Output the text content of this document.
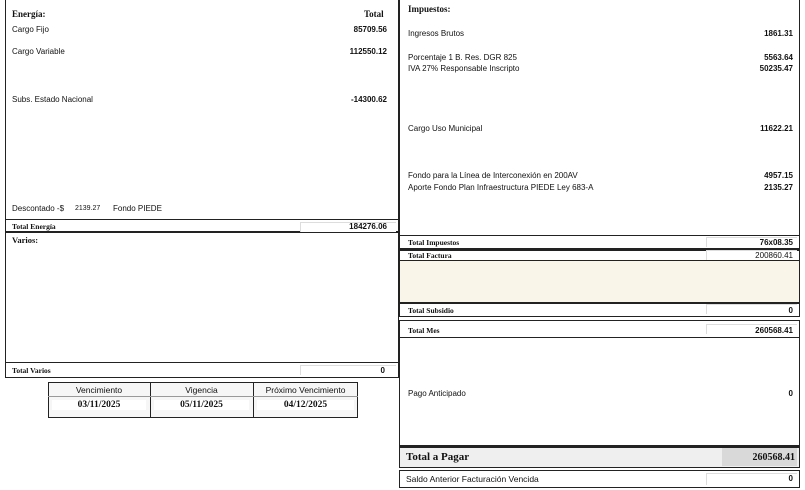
Energía:	Total
Cargo Fijo	85709.56
Cargo Variable	112550.12
Subs. Estado Nacional	-14300.62
Descontado -$ 2139.27 Fondo PIEDE
Total Energía	184276.06
Varios:
Total Varios	0
Vencimiento	Vigencia	Próximo Vencimiento
03/11/2025	05/11/2025	04/12/2025
Impuestos:
Ingresos Brutos	1861.31
Porcentaje 1 B. Res. DGR 825	5563.64
IVA 27% Responsable Inscripto	50235.47
Cargo Uso Municipal	11622.21
Fondo para la Línea de Interconexión en 200AV	4957.15
Aporte Fondo Plan Infraestructura PIEDE Ley 683-A	2135.27
Total Impuestos	76x08.35
Total Factura	200860.41
Total Subsidio	0
Total Mes	260568.41
Pago Anticipado	0
Total a Pagar	260568.41
Saldo Anterior Facturación Vencida	0
